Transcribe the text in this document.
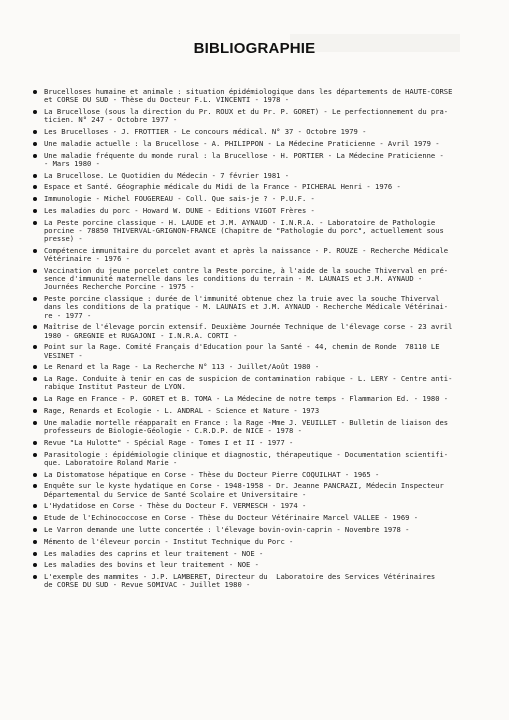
BIBLIOGRAPHIE
Brucelloses humaine et animale : situation épidémiologique dans les départements de HAUTE-CORSE
et CORSE DU SUD - Thèse du Docteur F.L. VINCENTI - 1978 -
La Brucellose (sous la direction du Pr. ROUX et du Pr. P. GORET) - Le perfectionnement du pra-
ticien. N° 247 - Octobre 1977 -
Les Brucelloses - J. FROTTIER - Le concours médical. N° 37 - Octobre 1979 -
Une maladie actuelle : la Brucellose - A. PHILIPPON - La Médecine Praticienne - Avril 1979 -
Une maladie fréquente du monde rural : la Brucellose - H. PORTIER - La Médecine Praticienne -
- Mars 1980 -
La Brucellose. Le Quotidien du Médecin - 7 février 1981 -
Espace et Santé. Géographie médicale du Midi de la France - PICHERAL Henri - 1976 -
Immunologie - Michel FOUGEREAU - Coll. Que sais-je ? - P.U.F. -
Les maladies du porc - Howard W. DUNE - Editions VIGOT Frères -
La Peste porcine classique - H. LAUDE et J.M. AYNAUD - I.N.R.A. - Laboratoire de Pathologie
porcine - 78850 THIVERVAL-GRIGNON-FRANCE (Chapitre de "Pathologie du porc", actuellement sous
presse) -
Compétence immunitaire du porcelet avant et après la naissance - P. ROUZE - Recherche Médicale
Vétérinaire - 1976 -
Vaccination du jeune porcelet contre la Peste porcine, à l'aide de la souche Thiverval en pré-
sence d'immunité maternelle dans les conditions du terrain - M. LAUNAIS et J.M. AYNAUD -
Journées Recherche Porcine - 1975 -
Peste porcine classique : durée de l'immunité obtenue chez la truie avec la souche Thiverval
dans les conditions de la pratique - M. LAUNAIS et J.M. AYNAUD - Recherche Médicale Vétérinai-
re - 1977 -
Maîtrise de l'élevage porcin extensif. Deuxième Journée Technique de l'élevage corse - 23 avril
1980 - GREGNIE et RUGAJONI - I.N.R.A. CORTI -
Point sur la Rage. Comité Français d'Education pour la Santé - 44, chemin de Ronde  78110 LE
VESINET -
Le Renard et la Rage - La Recherche N° 113 - Juillet/Août 1980 -
La Rage. Conduite à tenir en cas de suspicion de contamination rabique - L. LERY - Centre anti-
rabique Institut Pasteur de LYON.
La Rage en France - P. GORET et B. TOMA - La Médecine de notre temps - Flammarion Ed. - 1980 -
Rage, Renards et Ecologie - L. ANDRAL - Science et Nature - 1973
Une maladie mortelle réapparaît en France : la Rage -Mme J. VEUILLET - Bulletin de liaison des
professeurs de Biologie-Géologie - C.R.D.P. de NICE - 1978 -
Revue "La Hulotte" - Spécial Rage - Tomes I et II - 1977 -
Parasitologie : épidémiologie clinique et diagnostic, thérapeutique - Documentation scientifi-
que. Laboratoire Roland Marie -
La Distomatose hépatique en Corse - Thèse du Docteur Pierre COQUILHAT - 1965 -
Enquête sur le kyste hydatique en Corse - 1948-1958 - Dr. Jeanne PANCRAZI, Médecin Inspecteur
Départemental du Service de Santé Scolaire et Universitaire -
L'Hydatidose en Corse - Thèse du Docteur F. VERMESCH - 1974 -
Etude de l'Echinococcose en Corse - Thèse du Docteur Vétérinaire Marcel VALLEE - 1969 -
Le Varron demande une lutte concertée : l'élevage bovin-ovin-caprin - Novembre 1978 -
Mémento de l'éleveur porcin - Institut Technique du Porc -
Les maladies des caprins et leur traitement - NOE -
Les maladies des bovins et leur traitement - NOE -
L'exemple des mammites - J.P. LAMBERET, Directeur du  Laboratoire des Services Vétérinaires
de CORSE DU SUD - Revue SOMIVAC - Juillet 1980 -
